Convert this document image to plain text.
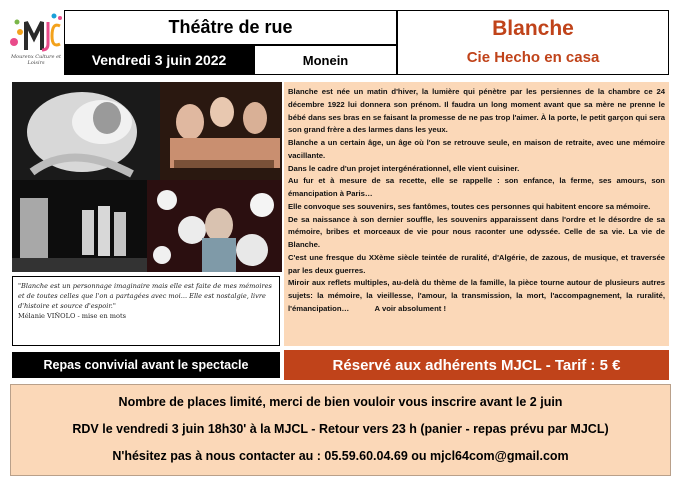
Mourenx Culture et Loisirs
Théâtre de rue
Vendredi 3 juin 2022	Monein
Blanche
Cie Hecho en casa
"Blanche est un personnage imaginaire mais elle est faite de mes mémoires et de toutes celles que l'on a partagées avec moi... Elle est nostalgie, livre d'histoire et source d'espoir."
Mélanie VIÑOLO - mise en mots

Blanche est née un matin d'hiver, la lumière qui pénètre par les persiennes de la chambre ce 24 décembre 1922 lui donnera son prénom. Il faudra un long moment avant que sa mère ne prenne le bébé dans ses bras en se faisant la promesse de ne pas trop l'aimer. À la porte, le petit garçon qui sera son grand frère a des larmes dans les yeux.

Blanche a un certain âge, un âge où l'on se retrouve seule, en maison de retraite, avec une mémoire vacillante.

Dans le cadre d'un projet intergénérationnel, elle vient cuisiner.

Au fur et à mesure de sa recette, elle se rappelle : son enfance, la ferme, ses amours, son émancipation à Paris…

Elle convoque ses souvenirs, ses fantômes, toutes ces personnes qui habitent encore sa mémoire.

De sa naissance à son dernier souffle, les souvenirs apparaissent dans l'ordre et le désordre de sa mémoire, bribes et morceaux de vie pour nous raconter une odyssée. Celle de sa vie. La vie de Blanche.

C'est une fresque du XXème siècle teintée de ruralité, d'Algérie, de zazous, de musique, et traversée par les deux guerres.

Miroir aux reflets multiples, au-delà du thème de la famille, la pièce tourne autour de plusieurs autres sujets: la mémoire, la vieillesse, l'amour, la transmission, la mort, l'accompagnement, la ruralité, l'émancipation…            A voir absolument !

Repas convivial avant le spectacle	Réservé aux adhérents MJCL - Tarif : 5 €
Nombre de places limité, merci de bien vouloir vous inscrire avant le 2 juin
RDV le vendredi 3 juin 18h30' à la MJCL - Retour vers 23 h (panier - repas prévu par MJCL)
N'hésitez pas à nous contacter au : 05.59.60.04.69 ou mjcl64com@gmail.com
